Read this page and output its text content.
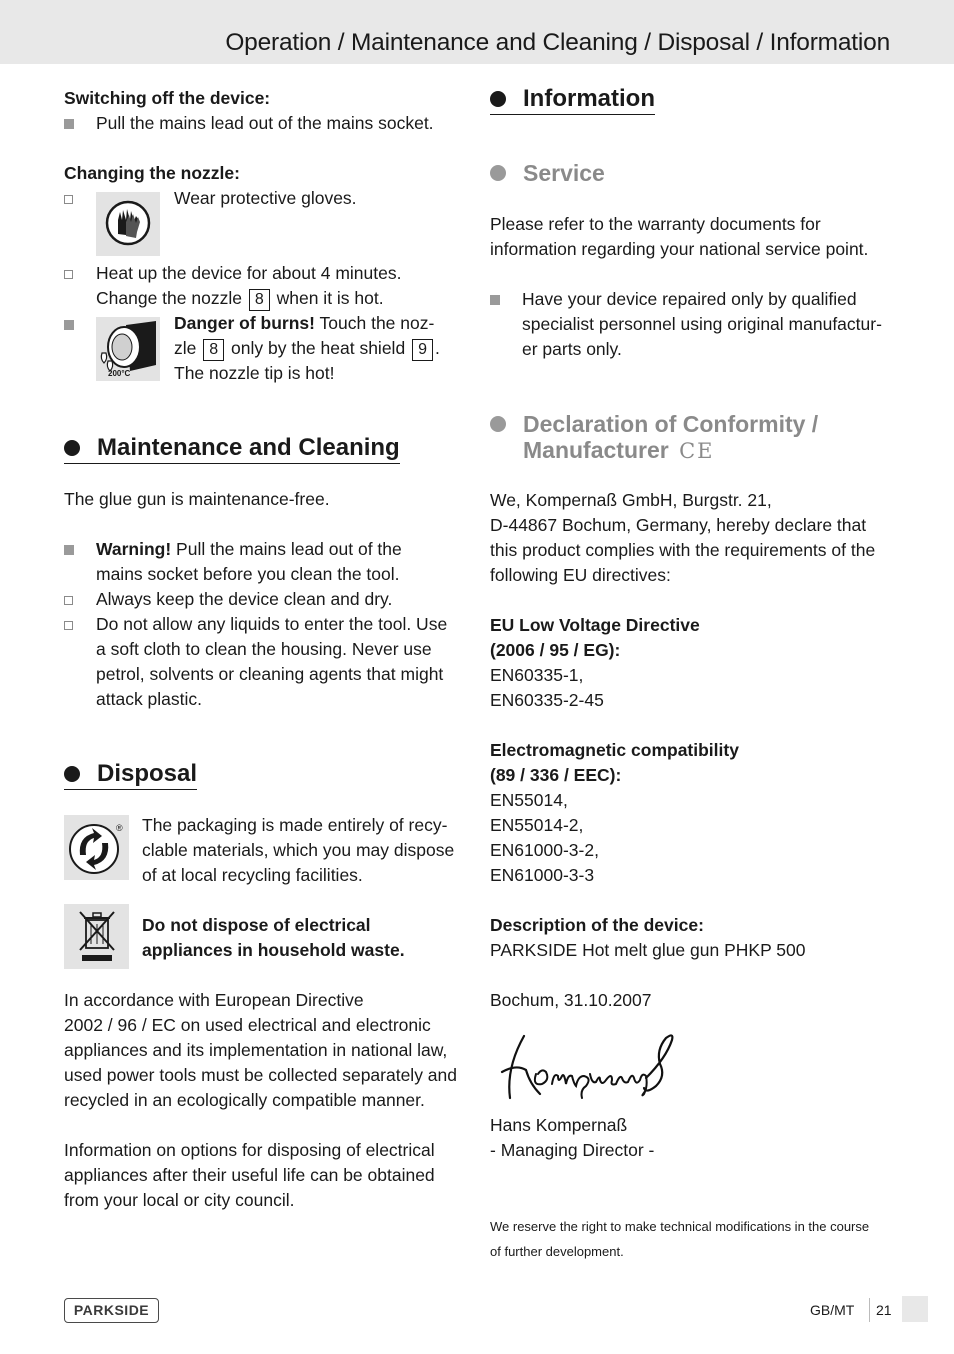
Operation / Maintenance and Cleaning / Disposal / Information
Switching off the device:
Pull the mains lead out of the mains socket.
Changing the nozzle:
Wear protective gloves.
Heat up the device for about 4 minutes.
Change the nozzle 8 when it is hot.
200°C
Danger of burns! Touch the noz-
zle 8 only by the heat shield 9 .
The nozzle tip is hot!
Maintenance and Cleaning
The glue gun is maintenance-free.
Warning! Pull the mains lead out of the
mains socket before you clean the tool.
Always keep the device clean and dry.
Do not allow any liquids to enter the tool. Use
a soft cloth to clean the housing. Never use
petrol, solvents or cleaning agents that might
attack plastic.
Disposal
® The packaging is made entirely of recy-
clable materials, which you may dispose
of at local recycling facilities.
Do not dispose of electrical
appliances in household waste.
In accordance with European Directive
2002 / 96 / EC on used electrical and electronic
appliances and its implementation in national law,
used power tools must be collected separately and
recycled in an ecologically compatible manner.
Information on options for disposing of electrical
appliances after their useful life can be obtained
from your local or city council.
Information
Service
Please refer to the warranty documents for
information regarding your national service point.
Have your device repaired only by qualified
specialist personnel using original manufactur-
er parts only.
Declaration of Conformity /
Manufacturer CE
We, Kompernaß GmbH, Burgstr. 21,
D-44867 Bochum, Germany, hereby declare that
this product complies with the requirements of the
following EU directives:
EU Low Voltage Directive
(2006 / 95 / EG):
EN60335-1,
EN60335-2-45
Electromagnetic compatibility
(89 / 336 / EEC):
EN55014,
EN55014-2,
EN61000-3-2,
EN61000-3-3
Description of the device:
PARKSIDE Hot melt glue gun PHKP 500
Bochum, 31.10.2007
Hans Kompernaß
- Managing Director -
We reserve the right to make technical modifications in the course
of further development.
PARKSIDE	GB/MT 21
